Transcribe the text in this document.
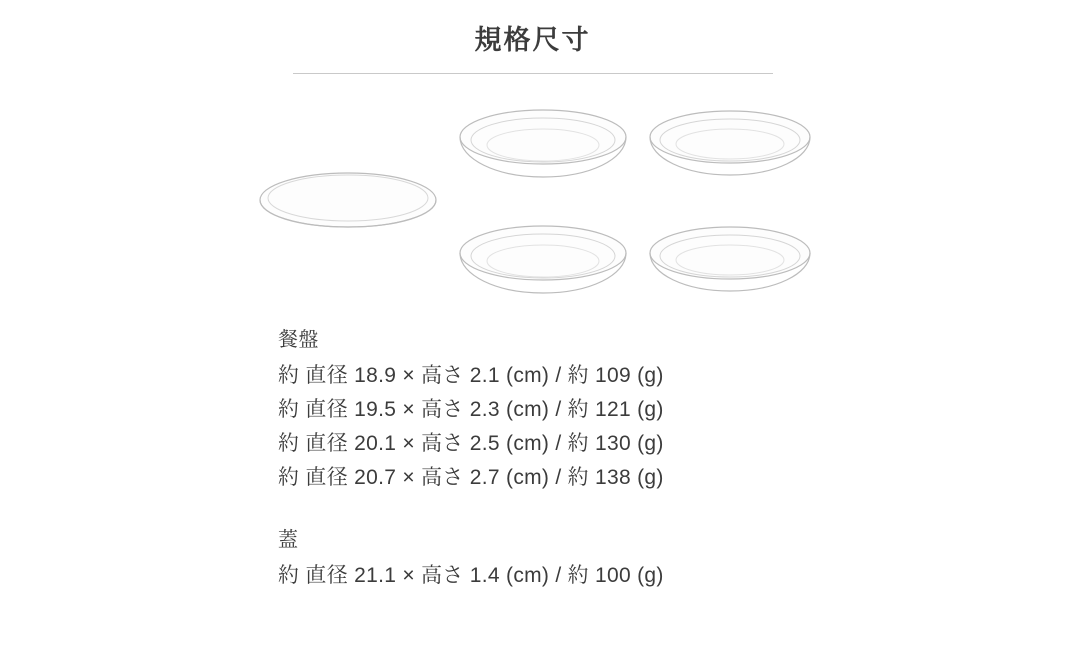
規格尺寸
餐盤
約 直径 18.9 × 高さ 2.1 (cm) / 約 109 (g)
約 直径 19.5 × 高さ 2.3 (cm) / 約 121 (g)
約 直径 20.1 × 高さ 2.5 (cm) / 約 130 (g)
約 直径 20.7 × 高さ 2.7 (cm) / 約 138 (g)
蓋
約 直径 21.1 × 高さ 1.4 (cm) / 約 100 (g)
